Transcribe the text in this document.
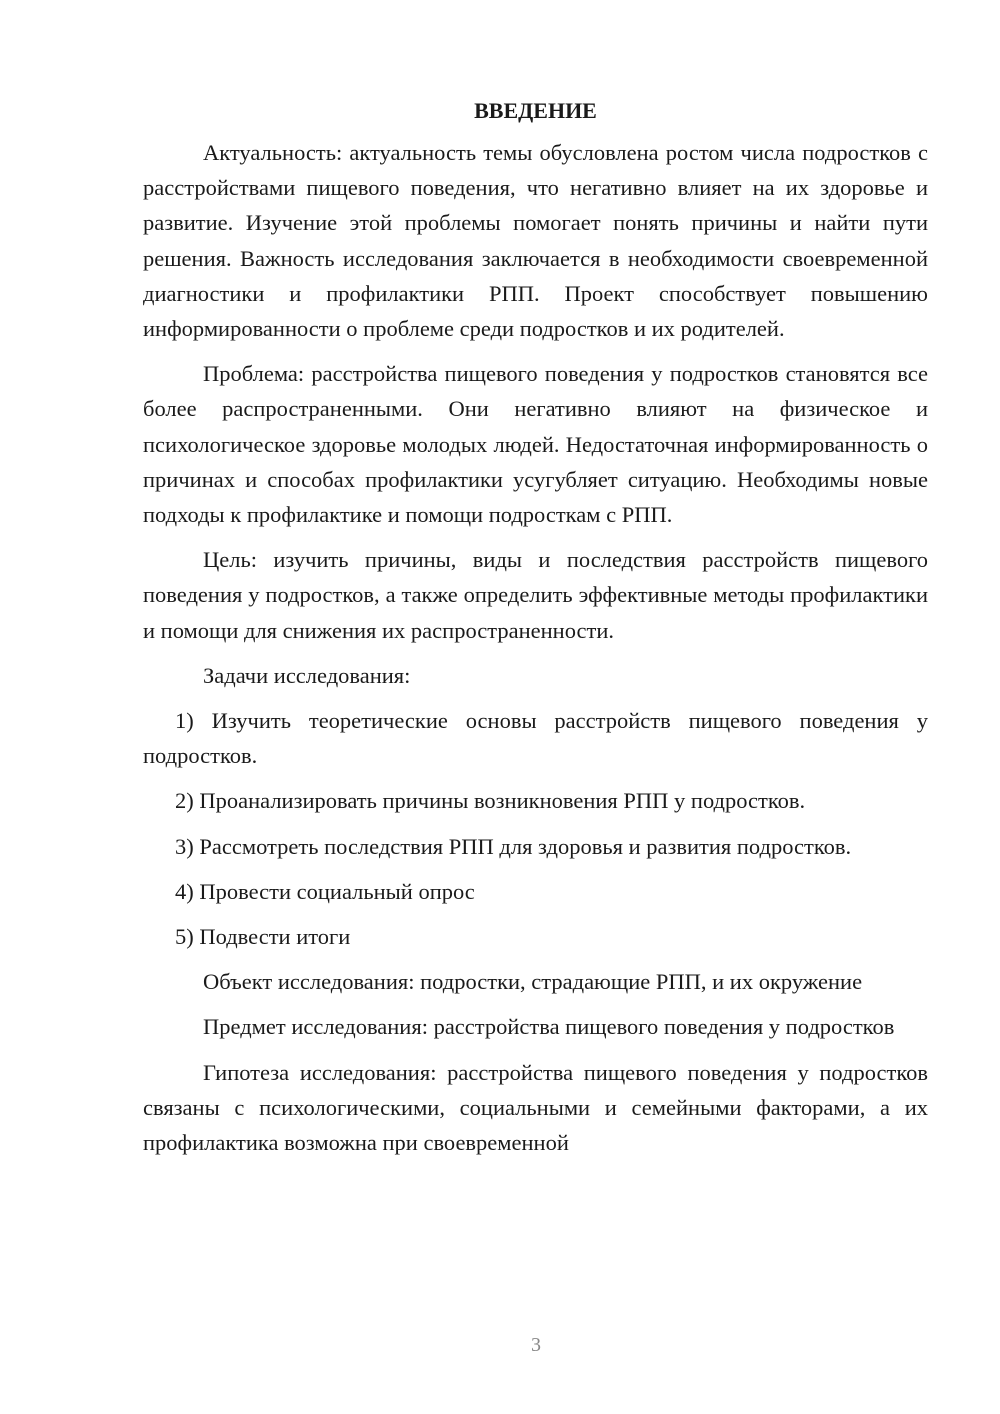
ВВЕДЕНИЕ

Актуальность: актуальность темы обусловлена ростом числа подростков с расстройствами пищевого поведения, что негативно влияет на их здоровье и развитие. Изучение этой проблемы помогает понять причины и найти пути решения. Важность исследования заключается в необходимости своевременной диагностики и профилактики РПП. Проект способствует повышению информированности о проблеме среди подростков и их родителей.

Проблема: расстройства пищевого поведения у подростков становятся все более распространенными. Они негативно влияют на физическое и психологическое здоровье молодых людей. Недостаточная информированность о причинах и способах профилактики усугубляет ситуацию. Необходимы новые подходы к профилактике и помощи подросткам с РПП.

Цель: изучить причины, виды и последствия расстройств пищевого поведения у подростков, а также определить эффективные методы профилактики и помощи для снижения их распространенности.

Задачи исследования:

1) Изучить теоретические основы расстройств пищевого поведения у подростков.

2) Проанализировать причины возникновения РПП у подростков.

3) Рассмотреть последствия РПП для здоровья и развития подростков.

4) Провести социальный опрос

5) Подвести итоги

Объект исследования: подростки, страдающие РПП, и их окружение

Предмет исследования: расстройства пищевого поведения у подростков

Гипотеза исследования: расстройства пищевого поведения у подростков связаны с психологическими, социальными и семейными факторами, а их профилактика возможна при своевременной

3
